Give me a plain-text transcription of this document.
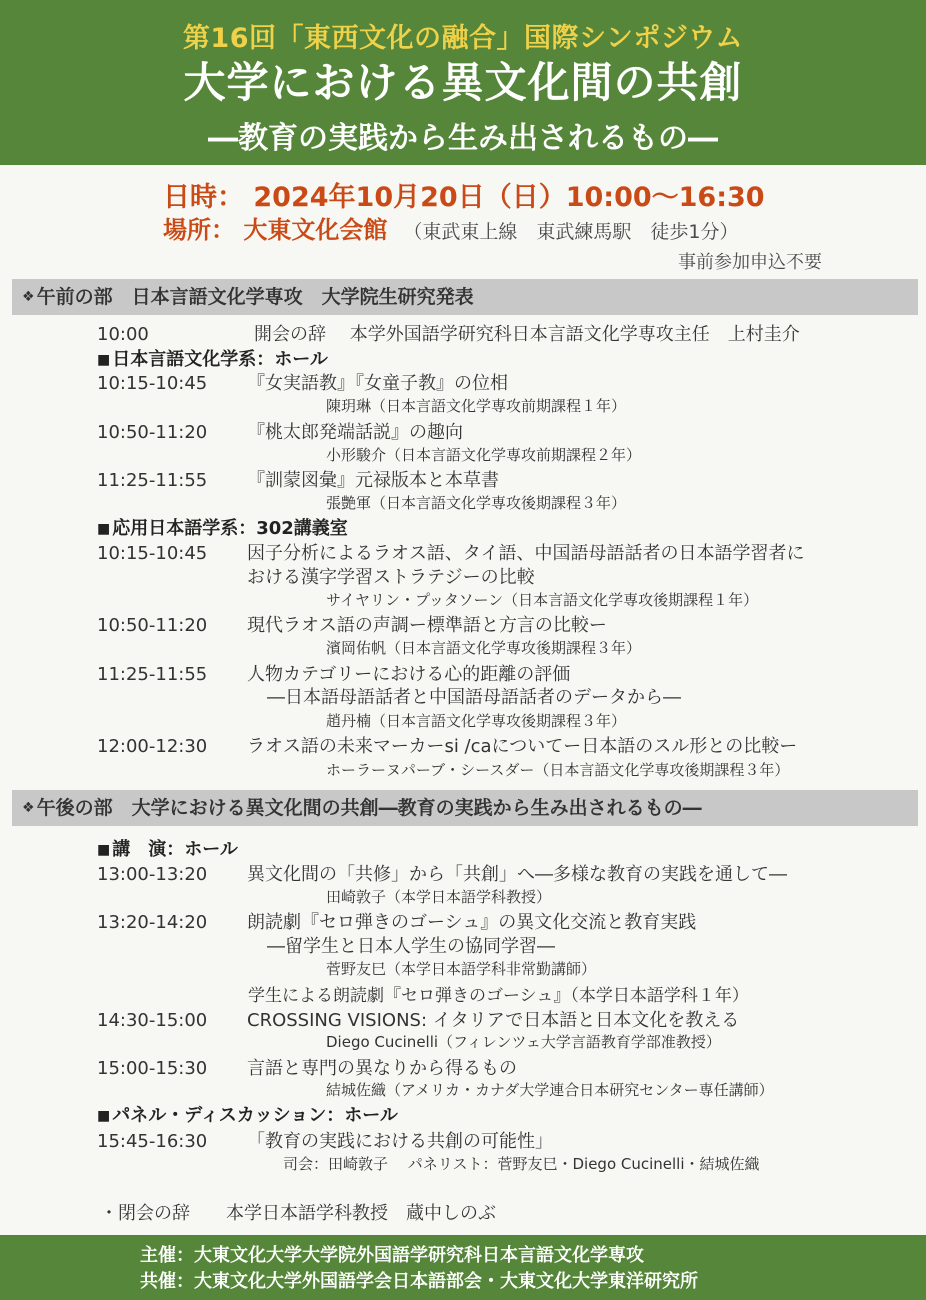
第16回「東西文化の融合」国際シンポジウム
大学における異文化間の共創
―教育の実践から生み出されるもの―
日時： 2024年10月20日（日）10:00～16:30
場所： 大東文化会館 （東武東上線　東武練馬駅　徒歩1分）
事前参加申込不要
❖ 午前の部　日本言語文化学専攻　大学院生研究発表
10:00	開会の辞　 本学外国語学研究科日本言語文化学専攻主任　上村圭介
■ 日本言語文化学系：ホール
10:15-10:45 『女実語教』『女童子教』の位相
陳玥琳（日本言語文化学専攻前期課程１年）
10:50-11:20 『桃太郎発端話説』の趣向
小形駿介（日本言語文化学専攻前期課程２年）
11:25-11:55 『訓蒙図彙』元禄版本と本草書
張艶軍（日本言語文化学専攻後期課程３年）
■ 応用日本語学系：302講義室
10:15-10:45 因子分析によるラオス語、タイ語、中国語母語話者の日本語学習者に
おける漢字学習ストラテジーの比較
サイヤリン・プッタソーン（日本言語文化学専攻後期課程１年）
10:50-11:20 現代ラオス語の声調ー標準語と方言の比較ー
濱岡佑帆（日本言語文化学専攻後期課程３年）
11:25-11:55 人物カテゴリーにおける心的距離の評価
―日本語母語話者と中国語母語話者のデータから―
趙丹楠（日本言語文化学専攻後期課程３年）
12:00-12:30 ラオス語の未来マーカーsi /caについてー日本語のスル形との比較ー
ホーラーヌパーブ・シースダー（日本言語文化学専攻後期課程３年）
❖ 午後の部　大学における異文化間の共創―教育の実践から生み出されるもの―
■ 講　演：ホール
13:00-13:20 異文化間の「共修」から「共創」へ―多様な教育の実践を通して―
田崎敦子（本学日本語学科教授）
13:20-14:20 朗読劇『セロ弾きのゴーシュ』の異文化交流と教育実践
―留学生と日本人学生の協同学習―
菅野友巳（本学日本語学科非常勤講師）
学生による朗読劇『セロ弾きのゴーシュ』（本学日本語学科１年）
14:30-15:00 CROSSING VISIONS: イタリアで日本語と日本文化を教える
Diego Cucinelli（フィレンツェ大学言語教育学部准教授）
15:00-15:30 言語と専門の異なりから得るもの
結城佐織（アメリカ・カナダ大学連合日本研究センター専任講師）
■ パネル・ディスカッション：ホール
15:45-16:30 「教育の実践における共創の可能性」
司会：田崎敦子　 パネリスト：菅野友巳・Diego Cucinelli・結城佐織
・閉会の辞　　本学日本語学科教授　蔵中しのぶ
主催：大東文化大学大学院外国語学研究科日本言語文化学専攻
共催：大東文化大学外国語学会日本語部会・大東文化大学東洋研究所
